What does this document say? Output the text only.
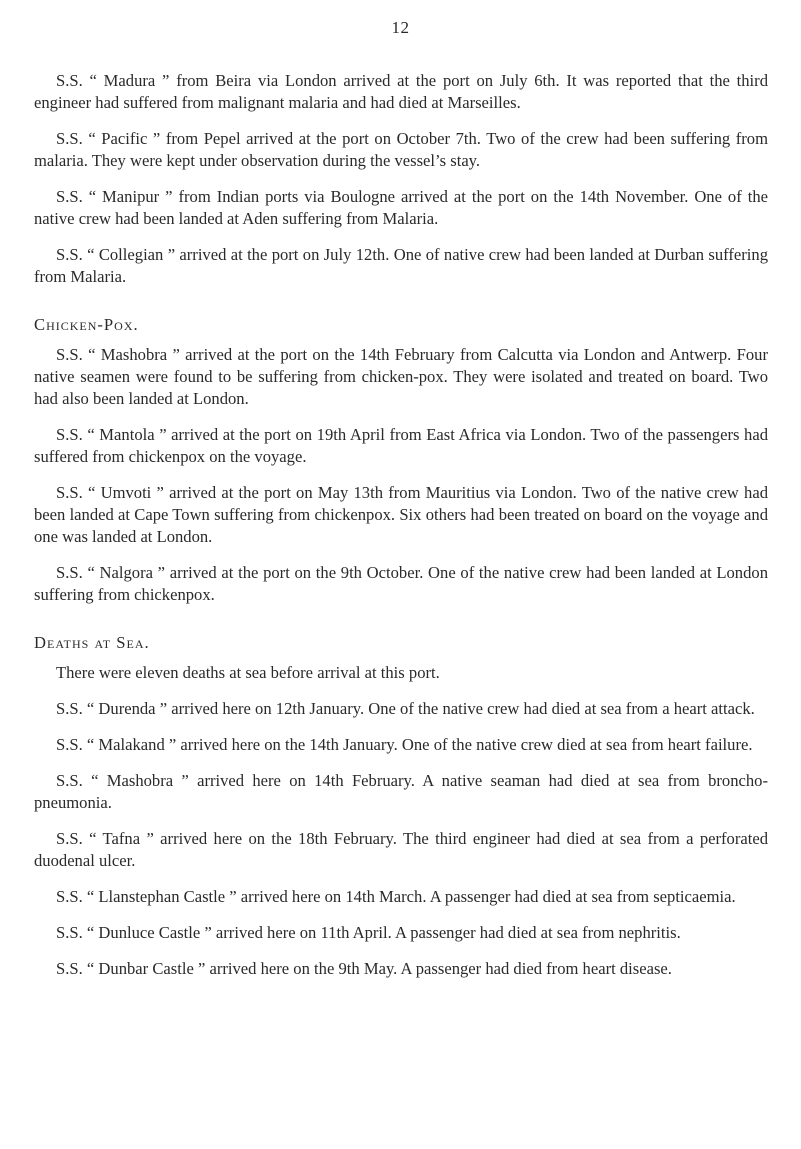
12

S.S. “ Madura ” from Beira via London arrived at the port on July 6th. It was reported that the third engineer had suffered from malignant malaria and had died at Marseilles.

S.S. “ Pacific ” from Pepel arrived at the port on October 7th. Two of the crew had been suffering from malaria. They were kept under observation during the vessel’s stay.

S.S. “ Manipur ” from Indian ports via Boulogne arrived at the port on the 14th November. One of the native crew had been landed at Aden suffering from Malaria.

S.S. “ Collegian ” arrived at the port on July 12th. One of native crew had been landed at Durban suffering from Malaria.

Chicken-Pox.

S.S. “ Mashobra ” arrived at the port on the 14th February from Calcutta via London and Antwerp. Four native seamen were found to be suffering from chicken-pox. They were isolated and treated on board. Two had also been landed at London.

S.S. “ Mantola ” arrived at the port on 19th April from East Africa via London. Two of the passengers had suffered from chickenpox on the voyage.

S.S. “ Umvoti ” arrived at the port on May 13th from Mauritius via London. Two of the native crew had been landed at Cape Town suffering from chickenpox. Six others had been treated on board on the voyage and one was landed at London.

S.S. “ Nalgora ” arrived at the port on the 9th October. One of the native crew had been landed at London suffering from chickenpox.

Deaths at Sea.

There were eleven deaths at sea before arrival at this port.

S.S. “ Durenda ” arrived here on 12th January. One of the native crew had died at sea from a heart attack.

S.S. “ Malakand ” arrived here on the 14th January. One of the native crew died at sea from heart failure.

S.S. “ Mashobra ” arrived here on 14th February. A native seaman had died at sea from broncho-pneumonia.

S.S. “ Tafna ” arrived here on the 18th February. The third engineer had died at sea from a perforated duodenal ulcer.

S.S. “ Llanstephan Castle ” arrived here on 14th March. A passenger had died at sea from septicaemia.

S.S. “ Dunluce Castle ” arrived here on 11th April. A passenger had died at sea from nephritis.

S.S. “ Dunbar Castle ” arrived here on the 9th May. A passenger had died from heart disease.
